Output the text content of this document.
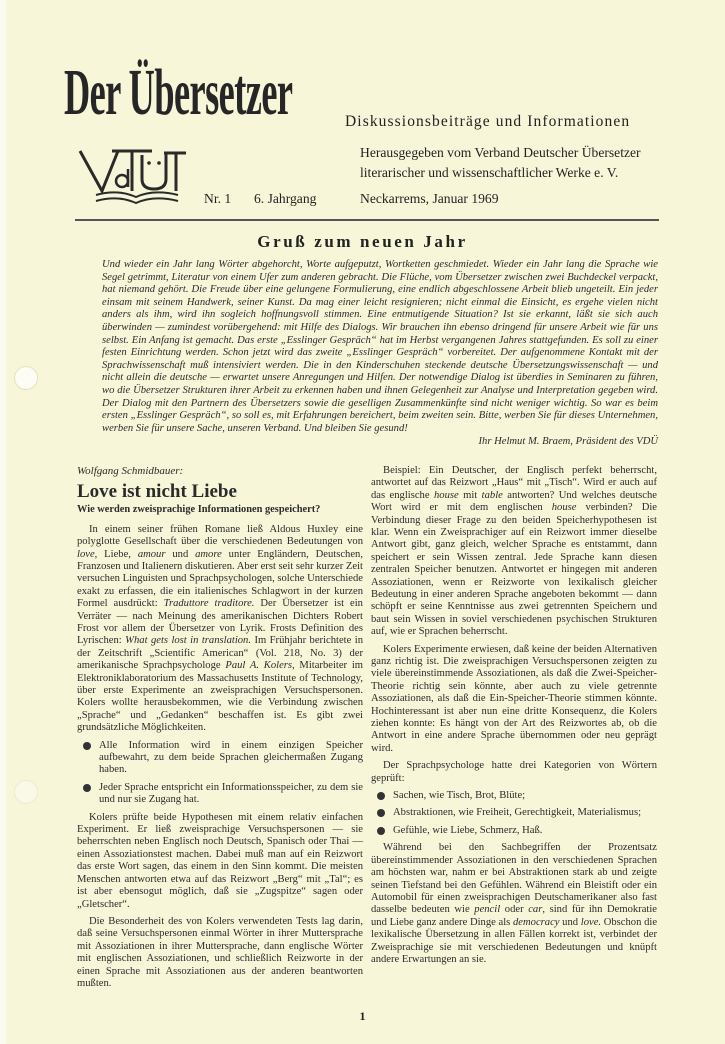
Der Übersetzer	Diskussionsbeiträge und Informationen
Herausgegeben vom Verband Deutscher Übersetzer
literarischer und wissenschaftlicher Werke e. V.
Nr. 1 6. Jahrgang	Neckarrems, Januar 1969
Gruß zum neuen Jahr
Und wieder ein Jahr lang Wörter abgehorcht, Worte aufgeputzt, Wortketten geschmiedet. Wieder ein Jahr lang die Sprache wie Segel getrimmt, Literatur von einem Ufer zum anderen gebracht. Die Flüche, vom Übersetzer zwischen zwei Buchdeckel verpackt, hat niemand gehört. Die Freude über eine gelungene Formulierung, eine endlich abgeschlossene Arbeit blieb ungeteilt. Ein jeder einsam mit seinem Handwerk, seiner Kunst. Da mag einer leicht resignieren; nicht einmal die Einsicht, es ergehe vielen nicht anders als ihm, wird ihn sogleich hoffnungsvoll stimmen. Eine entmutigende Situation? Ist sie erkannt, läßt sie sich auch überwinden — zumindest vorübergehend: mit Hilfe des Dialogs. Wir brauchen ihn ebenso dringend für unsere Arbeit wie für uns selbst. Ein Anfang ist gemacht. Das erste „Esslinger Gespräch“ hat im Herbst vergangenen Jahres stattgefunden. Es soll zu einer festen Einrichtung werden. Schon jetzt wird das zweite „Esslinger Gespräch“ vorbereitet. Der aufgenommene Kontakt mit der Sprachwissenschaft muß intensiviert werden. Die in den Kinderschuhen steckende deutsche Übersetzungswissenschaft — und nicht allein die deutsche — erwartet unsere Anregungen und Hilfen. Der notwendige Dialog ist überdies in Seminaren zu führen, wo die Übersetzer Strukturen ihrer Arbeit zu erkennen haben und ihnen Gelegenheit zur Analyse und Interpretation gegeben wird. Der Dialog mit den Partnern des Übersetzers sowie die geselligen Zusammenkünfte sind nicht weniger wichtig. So war es beim ersten „Esslinger Gespräch“, so soll es, mit Erfahrungen bereichert, beim zweiten sein. Bitte, werben Sie für dieses Unternehmen, werben Sie für unsere Sache, unseren Verband. Und bleiben Sie gesund!
Ihr Helmut M. Braem, Präsident des VDÜ
Wolfgang Schmidbauer:
Love ist nicht Liebe
Wie werden zweisprachige Informationen gespeichert?
In einem seiner frühen Romane ließ Aldous Huxley eine polyglotte Gesellschaft über die verschiedenen Bedeutungen von love, Liebe, amour und amore unter Engländern, Deutschen, Franzosen und Italienern diskutieren. Aber erst seit sehr kurzer Zeit versuchen Linguisten und Sprachpsychologen, solche Unterschiede exakt zu erfassen, die ein italienisches Schlagwort in der kurzen Formel ausdrückt: Traduttore traditore. Der Übersetzer ist ein Verräter — nach Meinung des amerikanischen Dichters Robert Frost vor allem der Übersetzer von Lyrik. Frosts Definition des Lyrischen: What gets lost in translation. Im Frühjahr berichtete in der Zeitschrift „Scientific American“ (Vol. 218, No. 3) der amerikanische Sprachpsychologe Paul A. Kolers, Mitarbeiter im Elektroniklaboratorium des Massachusetts Institute of Technology, über erste Experimente an zweisprachigen Versuchspersonen. Kolers wollte herausbekommen, wie die Verbindung zwischen „Sprache“ und „Gedanken“ beschaffen ist. Es gibt zwei grundsätzliche Möglichkeiten.
Alle Information wird in einem einzigen Speicher aufbewahrt, zu dem beide Sprachen gleichermaßen Zugang haben.
Jeder Sprache entspricht ein Informationsspeicher, zu dem sie und nur sie Zugang hat.
Kolers prüfte beide Hypothesen mit einem relativ einfachen Experiment. Er ließ zweisprachige Versuchspersonen — sie beherrschten neben Englisch noch Deutsch, Spanisch oder Thai — einen Assoziationstest machen. Dabei muß man auf ein Reizwort das erste Wort sagen, das einem in den Sinn kommt. Die meisten Menschen antworten etwa auf das Reizwort „Berg“ mit „Tal“; es ist aber ebensogut möglich, daß sie „Zugspitze“ sagen oder „Gletscher“.
Die Besonderheit des von Kolers verwendeten Tests lag darin, daß seine Versuchspersonen einmal Wörter in ihrer Muttersprache mit Assoziationen in ihrer Muttersprache, dann englische Wörter mit englischen Assoziationen, und schließlich Reizworte in der einen Sprache mit Assoziationen aus der anderen beantworten mußten.
Beispiel: Ein Deutscher, der Englisch perfekt beherrscht, antwortet auf das Reizwort „Haus“ mit „Tisch“. Wird er auch auf das englische house mit table antworten? Und welches deutsche Wort wird er mit dem englischen house verbinden? Die Verbindung dieser Frage zu den beiden Speicherhypothesen ist klar. Wenn ein Zweisprachiger auf ein Reizwort immer dieselbe Antwort gibt, ganz gleich, welcher Sprache es entstammt, dann speichert er sein Wissen zentral. Jede Sprache kann diesen zentralen Speicher benutzen. Antwortet er hingegen mit anderen Assoziationen, wenn er Reizworte von lexikalisch gleicher Bedeutung in einer anderen Sprache angeboten bekommt — dann schöpft er seine Kenntnisse aus zwei getrennten Speichern und baut sein Wissen in soviel verschiedenen psychischen Strukturen auf, wie er Sprachen beherrscht.
Kolers Experimente erwiesen, daß keine der beiden Alternativen ganz richtig ist. Die zweisprachigen Versuchspersonen zeigten zu viele übereinstimmende Assoziationen, als daß die Zwei-Speicher-Theorie richtig sein könnte, aber auch zu viele getrennte Assoziationen, als daß die Ein-Speicher-Theorie stimmen könnte. Hochinteressant ist aber nun eine dritte Konsequenz, die Kolers ziehen konnte: Es hängt von der Art des Reizwortes ab, ob die Antwort in eine andere Sprache übernommen oder neu geprägt wird.
Der Sprachpsychologe hatte drei Kategorien von Wörtern geprüft:
Sachen, wie Tisch, Brot, Blüte;
Abstraktionen, wie Freiheit, Gerechtigkeit, Materialismus;
Gefühle, wie Liebe, Schmerz, Haß.
Während bei den Sachbegriffen der Prozentsatz übereinstimmender Assoziationen in den verschiedenen Sprachen am höchsten war, nahm er bei Abstraktionen stark ab und zeigte seinen Tiefstand bei den Gefühlen. Während ein Bleistift oder ein Automobil für einen zweisprachigen Deutschamerikaner also fast dasselbe bedeuten wie pencil oder car, sind für ihn Demokratie und Liebe ganz andere Dinge als democracy und love. Obschon die lexikalische Übersetzung in allen Fällen korrekt ist, verbindet der Zweisprachige sie mit verschiedenen Bedeutungen und knüpft andere Erwartungen an sie.
1
